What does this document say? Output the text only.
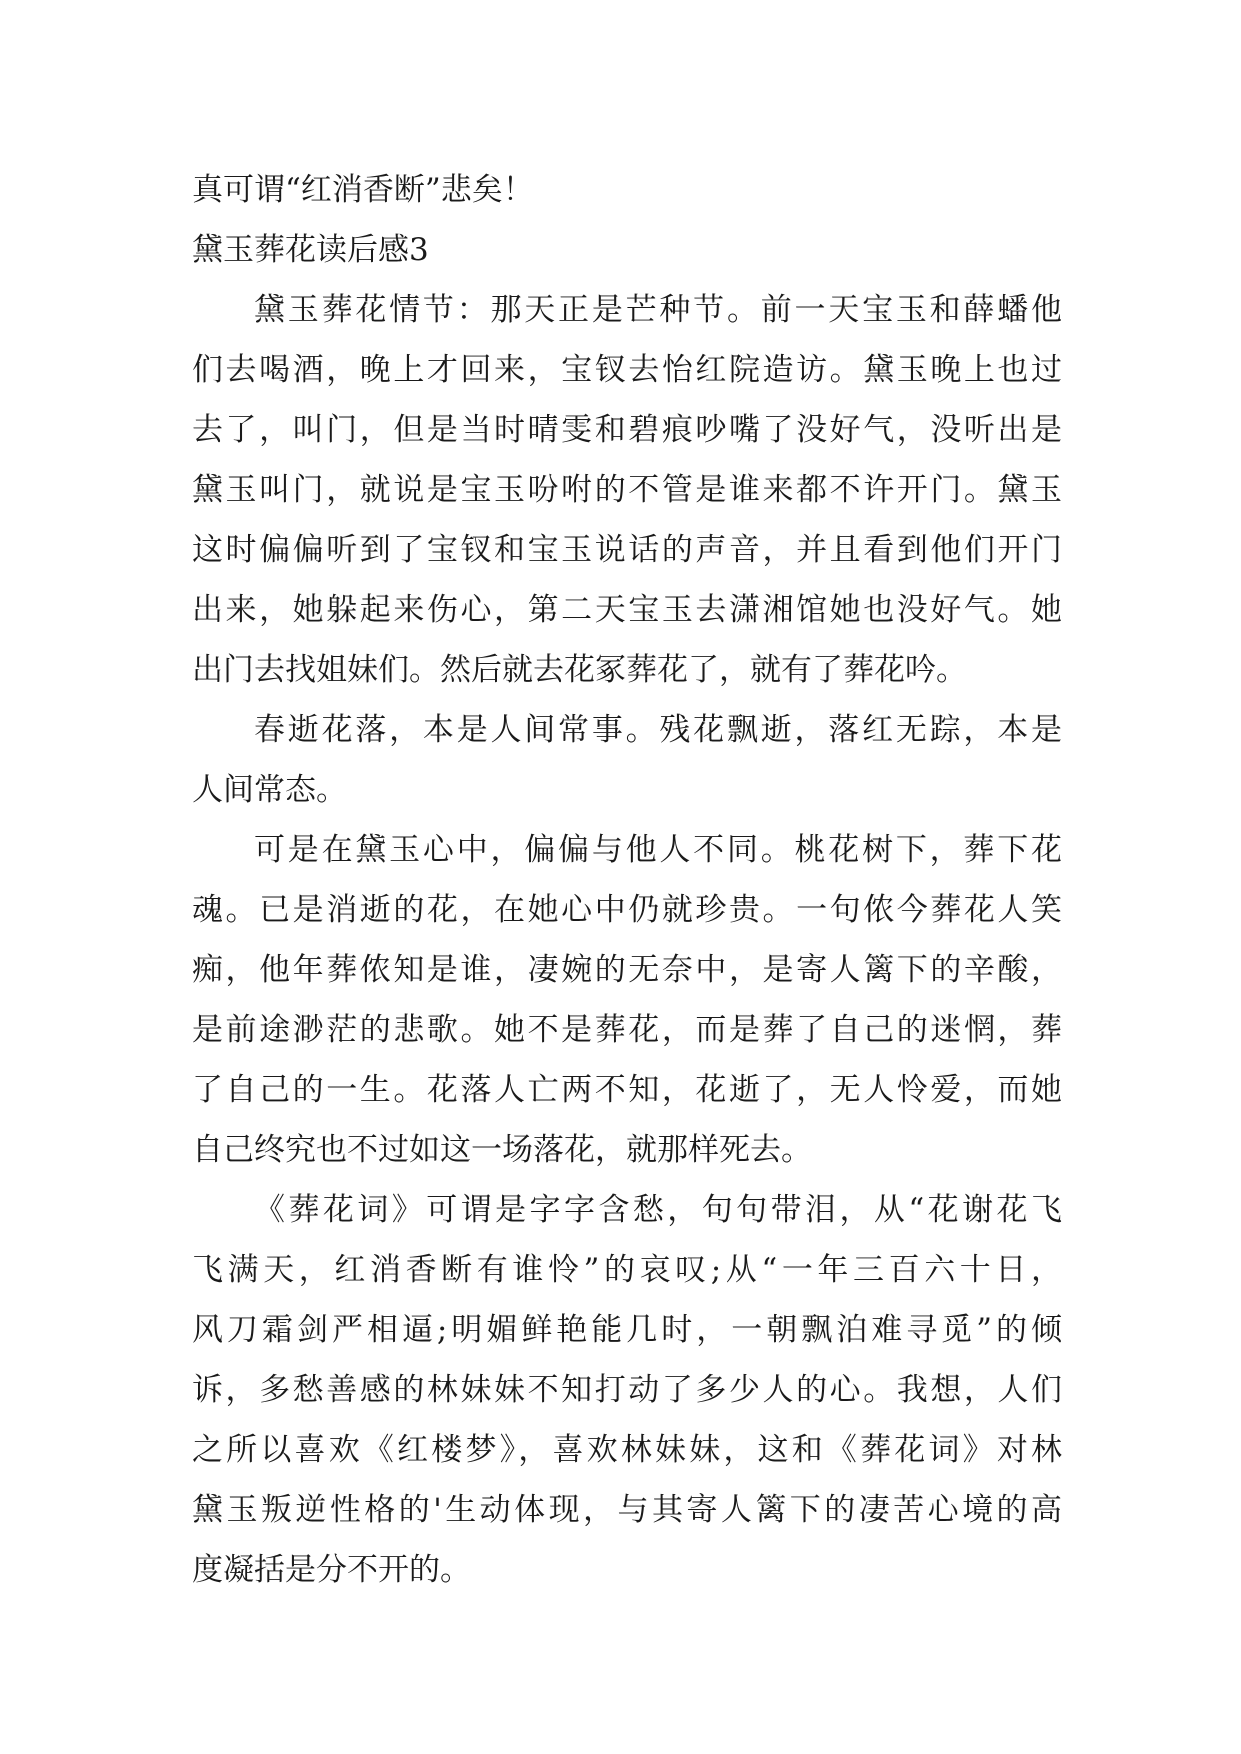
真可谓“红消香断”悲矣！
黛玉葬花读后感3
黛玉葬花情节：那天正是芒种节。前一天宝玉和薛蟠他
们去喝酒，晚上才回来，宝钗去怡红院造访。黛玉晚上也过
去了，叫门，但是当时晴雯和碧痕吵嘴了没好气，没听出是
黛玉叫门，就说是宝玉吩咐的不管是谁来都不许开门。黛玉
这时偏偏听到了宝钗和宝玉说话的声音，并且看到他们开门
出来，她躲起来伤心，第二天宝玉去潇湘馆她也没好气。她
出门去找姐妹们。然后就去花冢葬花了，就有了葬花吟。
春逝花落，本是人间常事。残花飘逝，落红无踪，本是
人间常态。
可是在黛玉心中，偏偏与他人不同。桃花树下，葬下花
魂。已是消逝的花，在她心中仍就珍贵。一句侬今葬花人笑
痴，他年葬侬知是谁，凄婉的无奈中，是寄人篱下的辛酸，
是前途渺茫的悲歌。她不是葬花，而是葬了自己的迷惘，葬
了自己的一生。花落人亡两不知，花逝了，无人怜爱，而她
自己终究也不过如这一场落花，就那样死去。
《葬花词》可谓是字字含愁，句句带泪，从“花谢花飞
飞满天，红消香断有谁怜”的哀叹;从“一年三百六十日，
风刀霜剑严相逼;明媚鲜艳能几时，一朝飘泊难寻觅”的倾
诉，多愁善感的林妹妹不知打动了多少人的心。我想，人们
之所以喜欢《红楼梦》，喜欢林妹妹，这和《葬花词》对林
黛玉叛逆性格的'生动体现，与其寄人篱下的凄苦心境的高
度凝括是分不开的。
